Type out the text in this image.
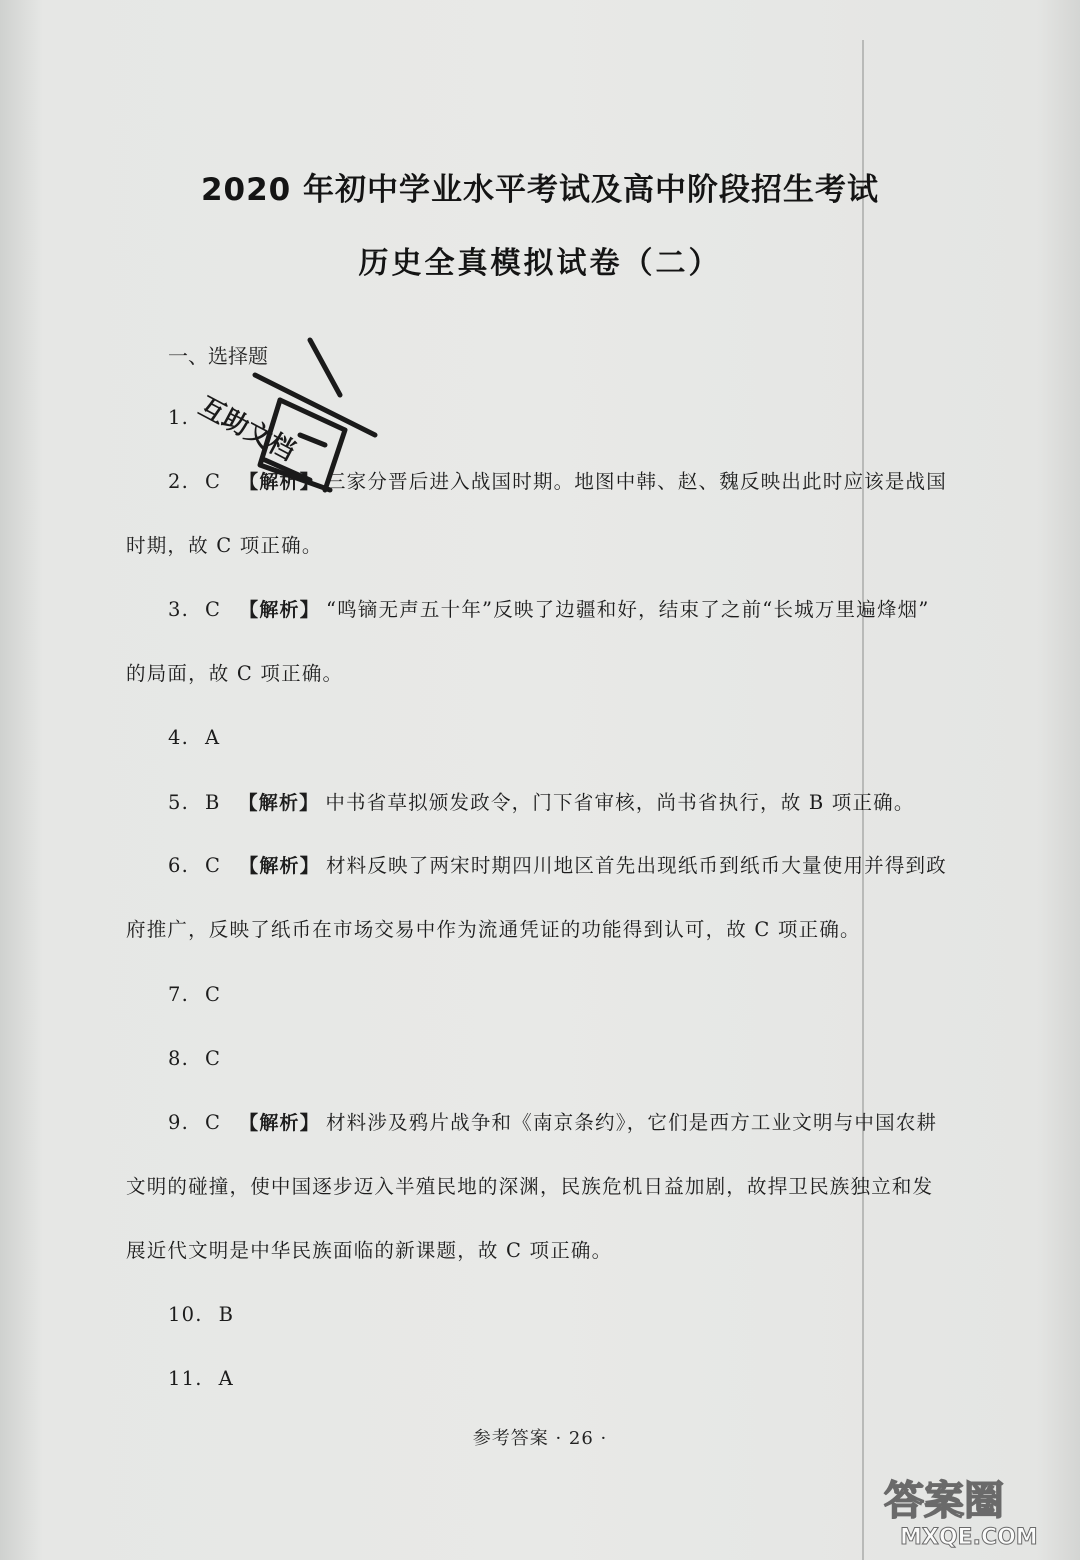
2020 年初中学业水平考试及高中阶段招生考试
历史全真模拟试卷（二）
一、选择题
1.
2. C 【解析】 三家分晋后进入战国时期。地图中韩、赵、魏反映出此时应该是战国
时期，故 C 项正确。
3. C 【解析】 “鸣镝无声五十年”反映了边疆和好，结束了之前“长城万里遍烽烟”
的局面，故 C 项正确。
4. A
5. B 【解析】 中书省草拟颁发政令，门下省审核，尚书省执行，故 B 项正确。
6. C 【解析】 材料反映了两宋时期四川地区首先出现纸币到纸币大量使用并得到政
府推广，反映了纸币在市场交易中作为流通凭证的功能得到认可，故 C 项正确。
7. C
8. C
9. C 【解析】 材料涉及鸦片战争和《南京条约》，它们是西方工业文明与中国农耕
文明的碰撞，使中国逐步迈入半殖民地的深渊，民族危机日益加剧，故捍卫民族独立和发
展近代文明是中华民族面临的新课题，故 C 项正确。
10. B
11. A
参考答案 · 26 ·
互助文档
答案圈
MXQE.COM
